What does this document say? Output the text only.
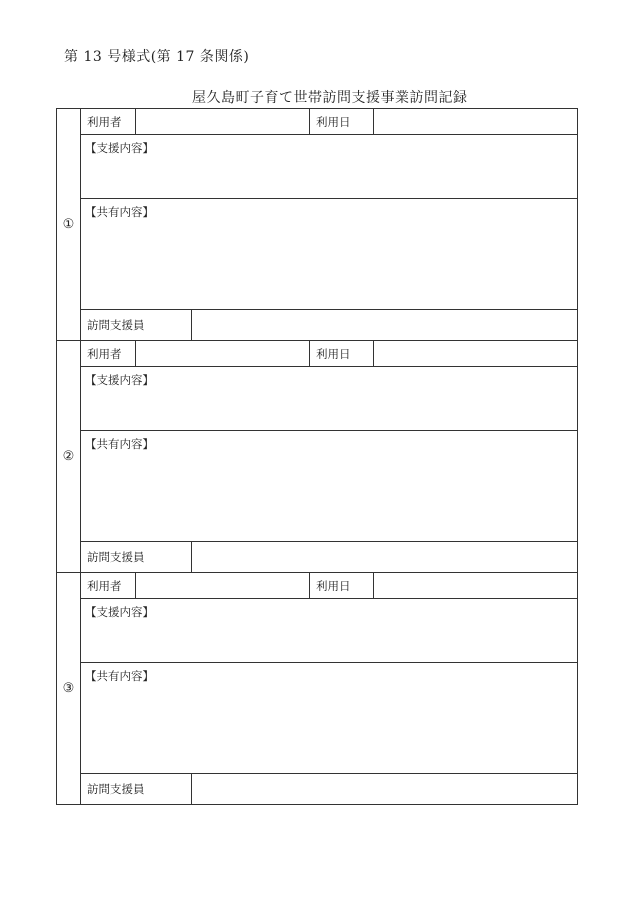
第 13 号様式(第 17 条関係)
屋久島町子育て世帯訪問支援事業訪問記録
①	利用者			利用日	
	【支援内容】				
	【共有内容】				
	訪問支援員				
②	利用者			利用日	
	【支援内容】				
	【共有内容】				
	訪問支援員				
③	利用者			利用日	
	【支援内容】				
	【共有内容】				
	訪問支援員				
